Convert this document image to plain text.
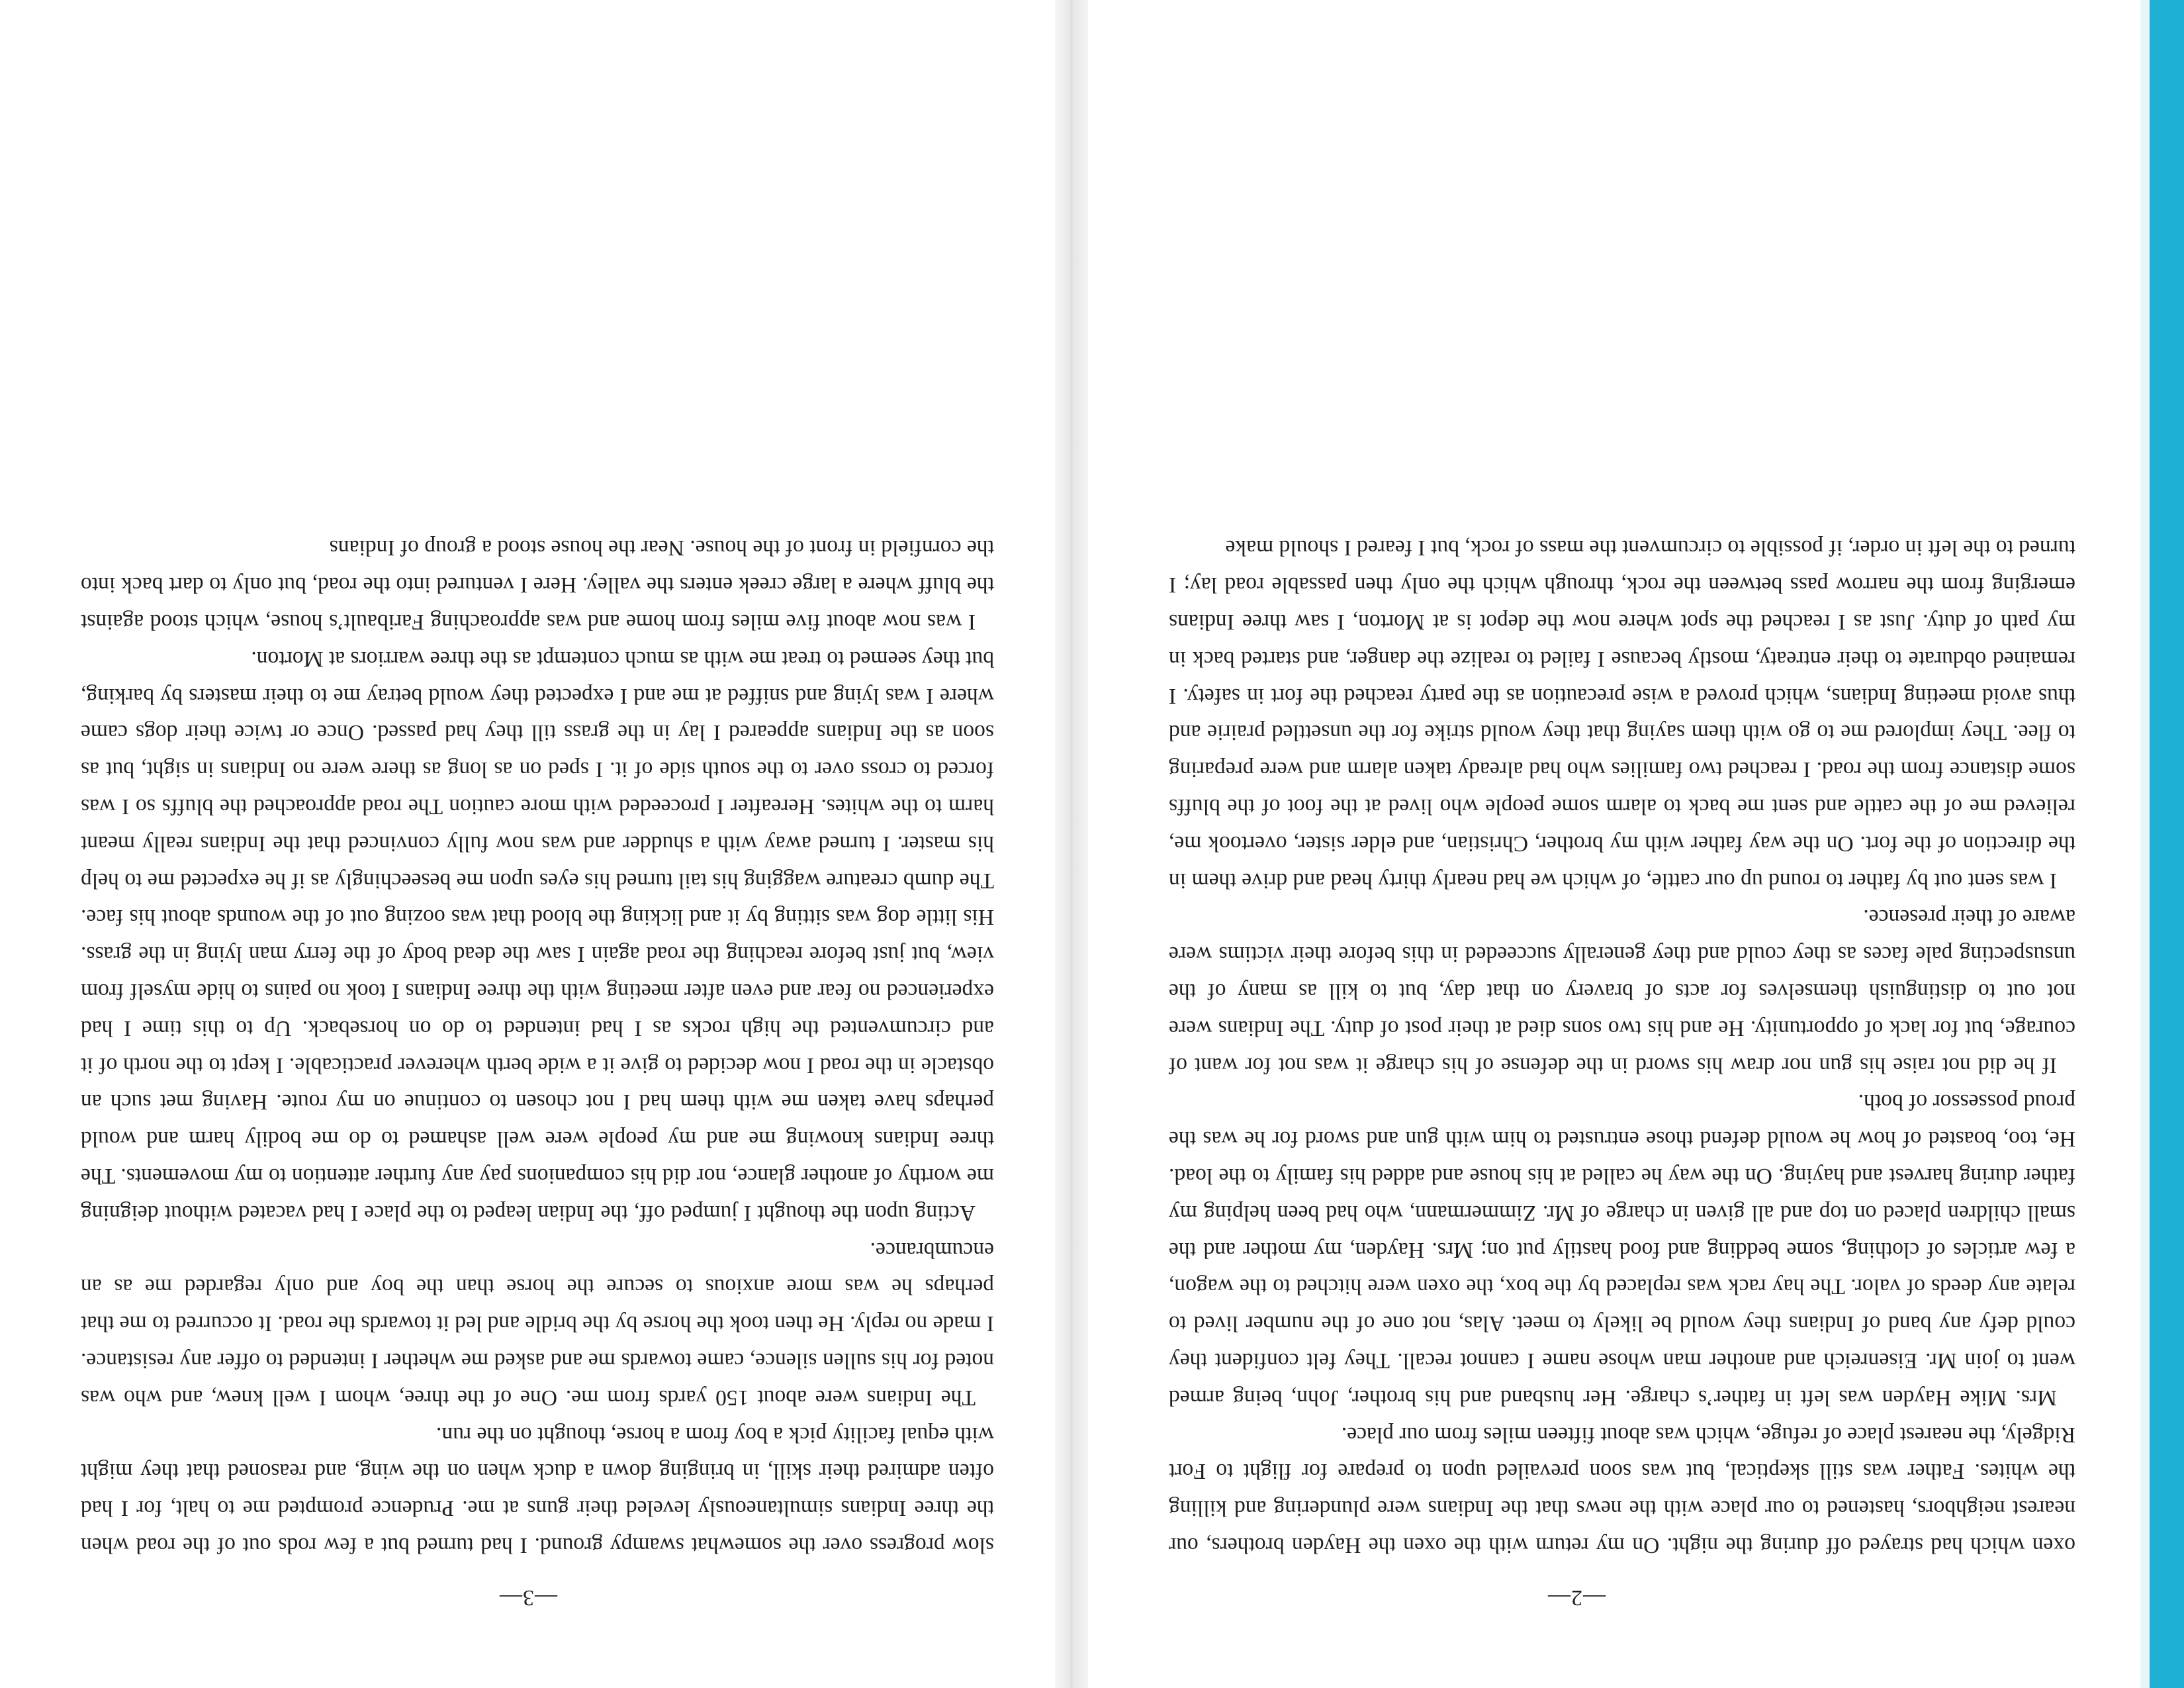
—2—

oxen which had strayed off during the night. On my return with the oxen the Hayden brothers, our nearest neighbors, hastened to our place with the news that the Indians were plundering and killing the whites. Father was still skeptical, but was soon prevailed upon to prepare for flight to Fort Ridgely, the nearest place of refuge, which was about fifteen miles from our place.

Mrs. Mike Hayden was left in father’s charge. Her husband and his brother, John, being armed went to join Mr. Eisenreich and another man whose name I cannot recall. They felt confident they could defy any band of Indians they would be likely to meet. Alas, not one of the number lived to relate any deeds of valor. The hay rack was replaced by the box, the oxen were hitched to the wagon, a few articles of clothing, some bedding and food hastily put on; Mrs. Hayden, my mother and the small children placed on top and all given in charge of Mr. Zimmermann, who had been helping my father during harvest and haying. On the way he called at his house and added his family to the load. He, too, boasted of how he would defend those entrusted to him with gun and sword for he was the proud possessor of both.

If he did not raise his gun nor draw his sword in the defense of his charge it was not for want of courage, but for lack of opportunity. He and his two sons died at their post of duty. The Indians were not out to distinguish themselves for acts of bravery on that day, but to kill as many of the unsuspecting pale faces as they could and they generally succeeded in this before their victims were aware of their presence.

I was sent out by father to round up our cattle, of which we had nearly thirty head and drive them in the direction of the fort. On the way father with my brother, Christian, and elder sister, overtook me, relieved me of the cattle and sent me back to alarm some people who lived at the foot of the bluffs some distance from the road. I reached two families who had already taken alarm and were preparing to flee. They implored me to go with them saying that they would strike for the unsettled prairie and thus avoid meeting Indians, which proved a wise precaution as the party reached the fort in safety. I remained obdurate to their entreaty, mostly because I failed to realize the danger, and started back in my path of duty. Just as I reached the spot where now the depot is at Morton, I saw three Indians emerging from the narrow pass between the rock, through which the only then passable road lay; I turned to the left in order, if possible to circumvent the mass of rock, but I feared I should make

—3—

slow progress over the somewhat swampy ground. I had turned but a few rods out of the road when the three Indians simultaneously leveled their guns at me. Prudence prompted me to halt, for I had often admired their skill, in bringing down a duck when on the wing, and reasoned that they might with equal facility pick a boy from a horse, thought on the run.

The Indians were about 150 yards from me. One of the three, whom I well knew, and who was noted for his sullen silence, came towards me and asked me whether I intended to offer any resistance. I made no reply. He then took the horse by the bridle and led it towards the road. It occurred to me that perhaps he was more anxious to secure the horse than the boy and only regarded me as an encumbrance.

Acting upon the thought I jumped off, the Indian leaped to the place I had vacated without deigning me worthy of another glance, nor did his companions pay any further attention to my movements. The three Indians knowing me and my people were well ashamed to do me bodily harm and would perhaps have taken me with them had I not chosen to continue on my route. Having met such an obstacle in the road I now decided to give it a wide berth wherever practicable. I kept to the north of it and circumvented the high rocks as I had intended to do on horseback. Up to this time I had experienced no fear and even after meeting with the three Indians I took no pains to hide myself from view, but just before reaching the road again I saw the dead body of the ferry man lying in the grass. His little dog was sitting by it and licking the blood that was oozing out of the wounds about his face. The dumb creature wagging his tail turned his eyes upon me beseechingly as if he expected me to help his master. I turned away with a shudder and was now fully convinced that the Indians really meant harm to the whites. Hereafter I proceeded with more caution The road approached the bluffs so I was forced to cross over to the south side of it. I sped on as long as there were no Indians in sight, but as soon as the Indians appeared I lay in the grass till they had passed. Once or twice their dogs came where I was lying and sniffed at me and I expected they would betray me to their masters by barking, but they seemed to treat me with as much contempt as the three warriors at Morton.

I was now about five miles from home and was approaching Faribault’s house, which stood against the bluff where a large creek enters the valley. Here I ventured into the road, but only to dart back into the cornfield in front of the house. Near the house stood a group of Indians
